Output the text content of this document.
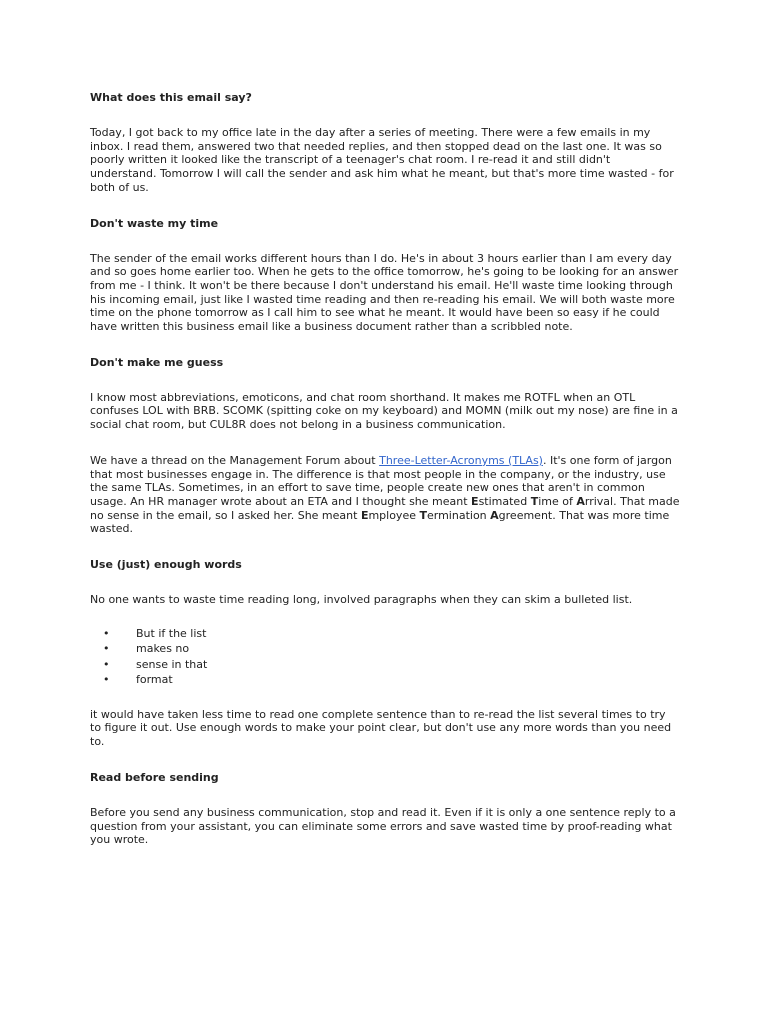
What does this email say?

Today, I got back to my office late in the day after a series of meeting. There were a few emails in my inbox. I read them, answered two that needed replies, and then stopped dead on the last one. It was so poorly written it looked like the transcript of a teenager's chat room. I re-read it and still didn't understand. Tomorrow I will call the sender and ask him what he meant, but that's more time wasted - for both of us.

Don't waste my time

The sender of the email works different hours than I do. He's in about 3 hours earlier than I am every day and so goes home earlier too. When he gets to the office tomorrow, he's going to be looking for an answer from me - I think. It won't be there because I don't understand his email. He'll waste time looking through his incoming email, just like I wasted time reading and then re-reading his email. We will both waste more time on the phone tomorrow as I call him to see what he meant. It would have been so easy if he could have written this business email like a business document rather than a scribbled note.

Don't make me guess

I know most abbreviations, emoticons, and chat room shorthand. It makes me ROTFL when an OTL confuses LOL with BRB. SCOMK (spitting coke on my keyboard) and MOMN (milk out my nose) are fine in a social chat room, but CUL8R does not belong in a business communication.

We have a thread on the Management Forum about Three-Letter-Acronyms (TLAs). It's one form of jargon that most businesses engage in. The difference is that most people in the company, or the industry, use the same TLAs. Sometimes, in an effort to save time, people create new ones that aren't in common usage. An HR manager wrote about an ETA and I thought she meant Estimated Time of Arrival. That made no sense in the email, so I asked her. She meant Employee Termination Agreement. That was more time wasted.

Use (just) enough words

No one wants to waste time reading long, involved paragraphs when they can skim a bulleted list.

• But if the list
• makes no
• sense in that
• format

it would have taken less time to read one complete sentence than to re-read the list several times to try to figure it out. Use enough words to make your point clear, but don't use any more words than you need to.

Read before sending

Before you send any business communication, stop and read it. Even if it is only a one sentence reply to a question from your assistant, you can eliminate some errors and save wasted time by proof-reading what you wrote.
